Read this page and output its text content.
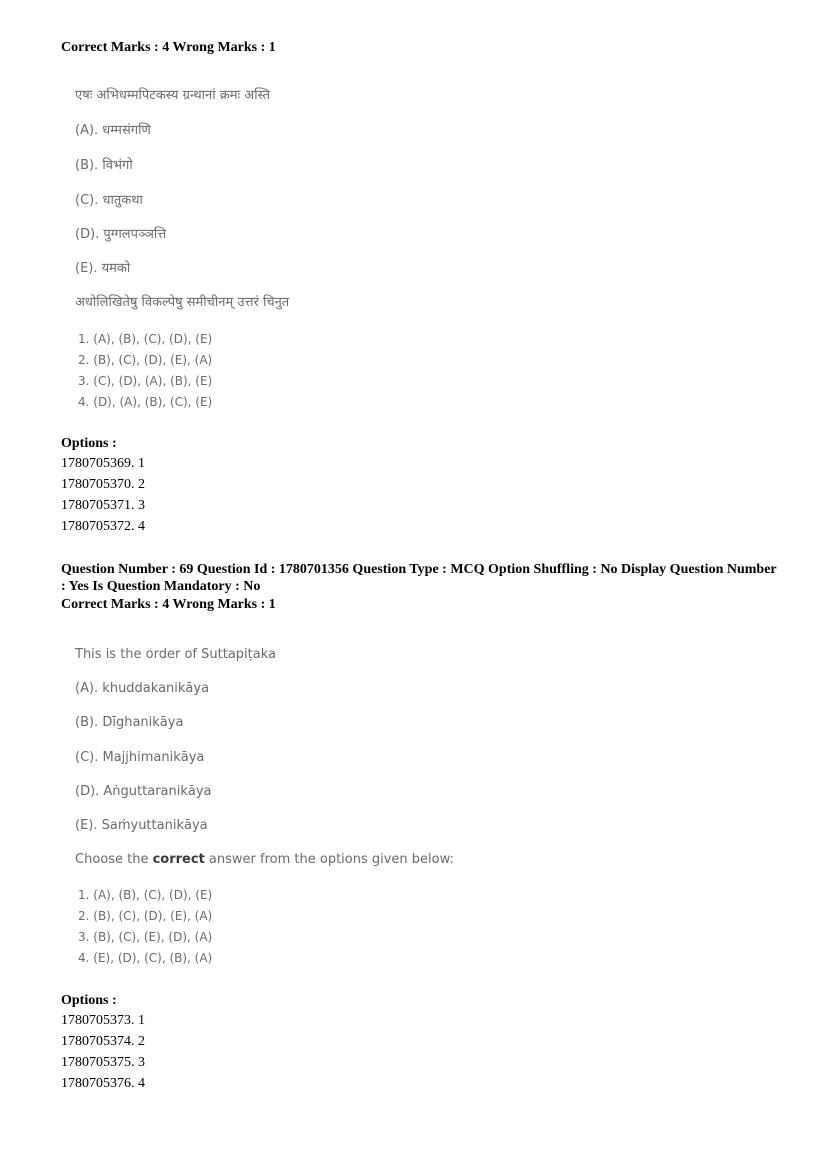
Correct Marks : 4 Wrong Marks : 1
एषः अभिधम्मपिटकस्य ग्रन्थानां क्रमः अस्ति
(A). धम्मसंगणि
(B). विभंगो
(C). धातुकथा
(D). पुग्गलपञ्ञत्ति
(E). यमको
अधोलिखितेषु विकल्पेषु समीचीनम् उत्तरं चिनुत
1. (A), (B), (C), (D), (E)
2. (B), (C), (D), (E), (A)
3. (C), (D), (A), (B), (E)
4. (D), (A), (B), (C), (E)
Options :
1780705369. 1
1780705370. 2
1780705371. 3
1780705372. 4
Question Number : 69 Question Id : 1780701356 Question Type : MCQ Option Shuffling : No Display Question Number
: Yes Is Question Mandatory : No
Correct Marks : 4 Wrong Marks : 1
This is the order of Suttapiṭaka
(A). khuddakanikāya
(B). Dīghanikāya
(C). Majjhimanikāya
(D). Aṅguttaranikāya
(E). Saṁyuttanikāya
Choose the correct answer from the options given below:
1. (A), (B), (C), (D), (E)
2. (B), (C), (D), (E), (A)
3. (B), (C), (E), (D), (A)
4. (E), (D), (C), (B), (A)
Options :
1780705373. 1
1780705374. 2
1780705375. 3
1780705376. 4
